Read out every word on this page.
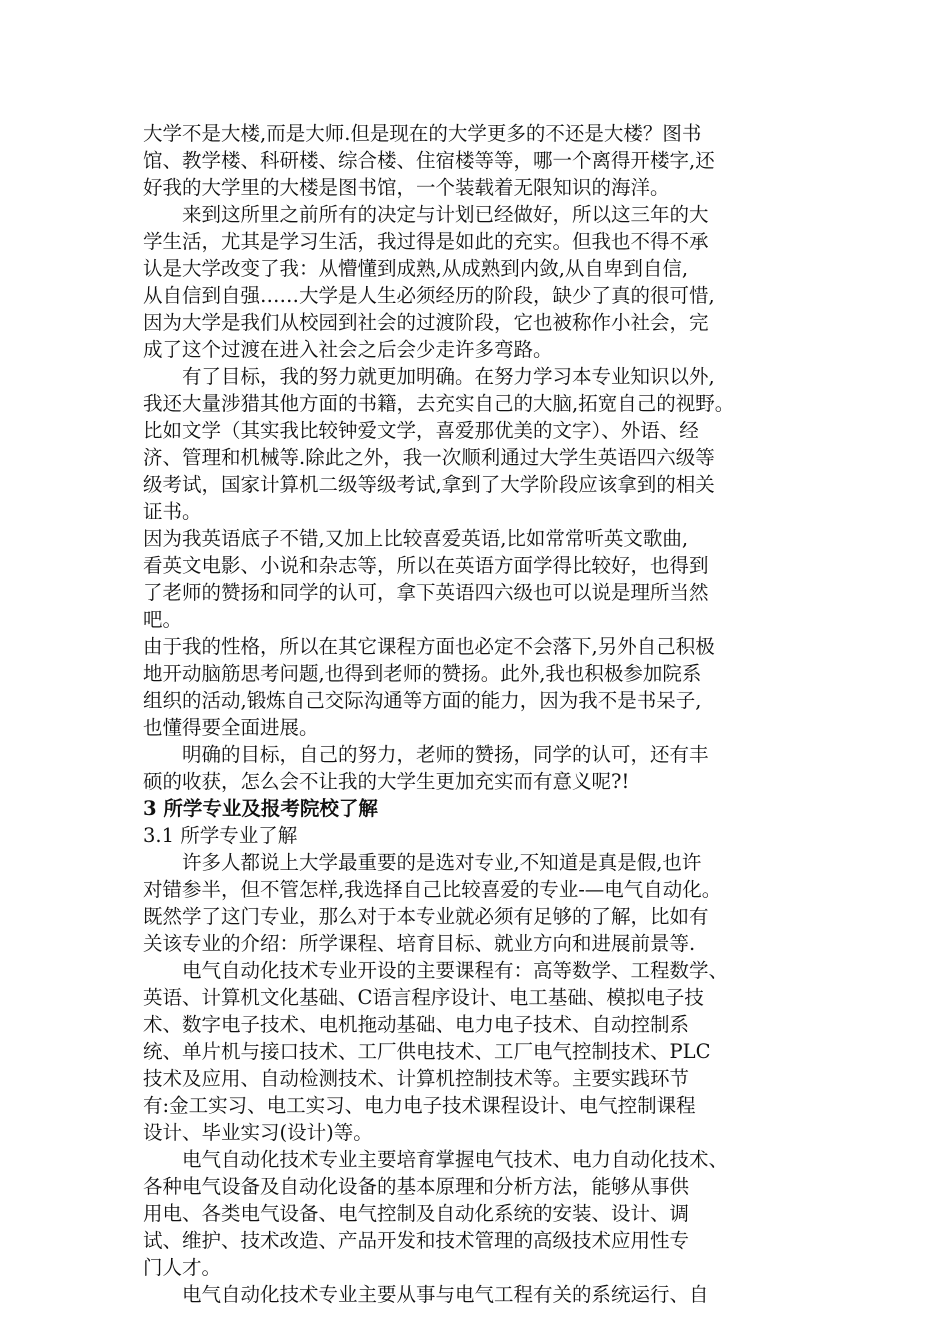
大学不是大楼,而是大师.但是现在的大学更多的不还是大楼？图书
馆、教学楼、科研楼、综合楼、住宿楼等等，哪一个离得开楼字,还
好我的大学里的大楼是图书馆，一个装载着无限知识的海洋。
　　来到这所里之前所有的决定与计划已经做好，所以这三年的大
学生活，尤其是学习生活，我过得是如此的充实。但我也不得不承
认是大学改变了我：从懵懂到成熟,从成熟到内敛,从自卑到自信,
从自信到自强……大学是人生必须经历的阶段，缺少了真的很可惜,
因为大学是我们从校园到社会的过渡阶段，它也被称作小社会，完
成了这个过渡在进入社会之后会少走许多弯路。
　　有了目标，我的努力就更加明确。在努力学习本专业知识以外,
我还大量涉猎其他方面的书籍，去充实自己的大脑,拓宽自己的视野。
比如文学（其实我比较钟爱文学，喜爱那优美的文字）、外语、经
济、管理和机械等.除此之外，我一次顺利通过大学生英语四六级等
级考试，国家计算机二级等级考试,拿到了大学阶段应该拿到的相关
证书。
因为我英语底子不错,又加上比较喜爱英语,比如常常听英文歌曲,
看英文电影、小说和杂志等，所以在英语方面学得比较好，也得到
了老师的赞扬和同学的认可，拿下英语四六级也可以说是理所当然
吧。
由于我的性格，所以在其它课程方面也必定不会落下,另外自己积极
地开动脑筋思考问题,也得到老师的赞扬。此外,我也积极参加院系
组织的活动,锻炼自己交际沟通等方面的能力，因为我不是书呆子,
也懂得要全面进展。
　　明确的目标，自己的努力，老师的赞扬，同学的认可，还有丰
硕的收获，怎么会不让我的大学生更加充实而有意义呢?!
3 所学专业及报考院校了解
3.1 所学专业了解
　　许多人都说上大学最重要的是选对专业,不知道是真是假,也许
对错参半，但不管怎样,我选择自己比较喜爱的专业-—电气自动化。
既然学了这门专业，那么对于本专业就必须有足够的了解，比如有
关该专业的介绍：所学课程、培育目标、就业方向和进展前景等.
　　电气自动化技术专业开设的主要课程有：高等数学、工程数学、
英语、计算机文化基础、C语言程序设计、电工基础、模拟电子技
术、数字电子技术、电机拖动基础、电力电子技术、自动控制系
统、单片机与接口技术、工厂供电技术、工厂电气控制技术、PLC
技术及应用、自动检测技术、计算机控制技术等。主要实践环节
有:金工实习、电工实习、电力电子技术课程设计、电气控制课程
设计、毕业实习(设计)等。
　　电气自动化技术专业主要培育掌握电气技术、电力自动化技术、
各种电气设备及自动化设备的基本原理和分析方法，能够从事供
用电、各类电气设备、电气控制及自动化系统的安装、设计、调
试、维护、技术改造、产品开发和技术管理的高级技术应用性专
门人才。
　　电气自动化技术专业主要从事与电气工程有关的系统运行、自
